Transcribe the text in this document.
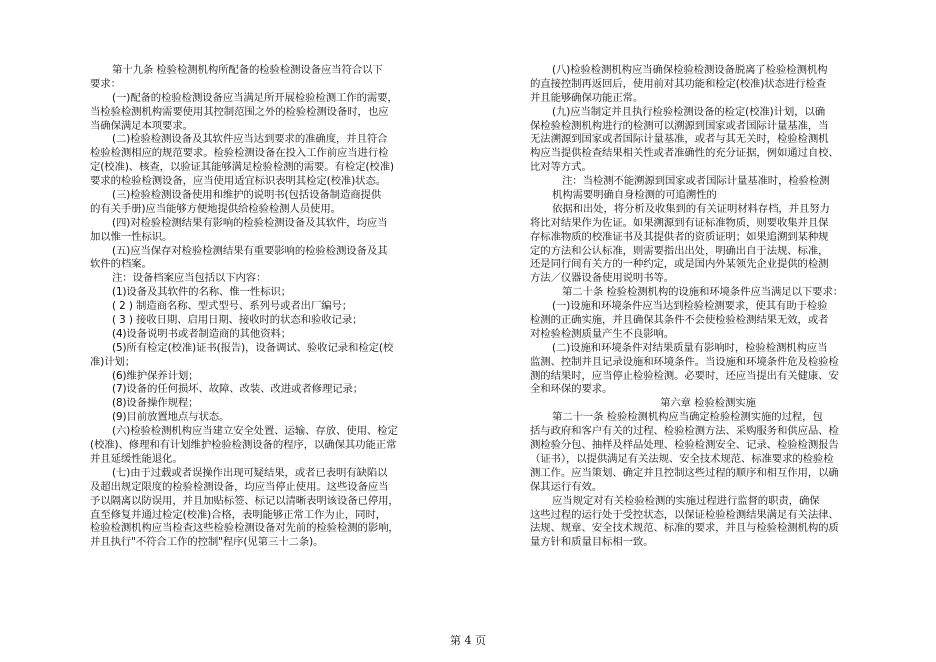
第十九条 检验检测机构所配备的检验检测设备应当符合以下
要求：
(一)配备的检验检测设备应当满足所开展检验检测工作的需要，
当检验检测机构需要使用其控制范围之外的检验检测设备时，也应
当确保满足本项要求。
(二)检验检测设备及其软件应当达到要求的准确度，并且符合
检验检测相应的规范要求。检验检测设备在投入工作前应当进行检
定(校准)、核查，以验证其能够满足检验检测的需要。有检定(校准)
要求的检验检测设备，应当使用适宜标识表明其检定(校准)状态。
(三)检验检测设备使用和维护的说明书(包括设备制造商提供
的有关手册)应当能够方便地提供给检验检测人员使用。
(四)对检验检测结果有影响的检验检测设备及其软件，均应当
加以惟一性标识。
(五)应当保存对检验检测结果有重要影响的检验检测设备及其
软件的档案。
注：设备档案应当包括以下内容：
(1)设备及其软件的名称、惟一性标识；
( 2 ) 制造商名称、型式型号、系列号或者出厂编号；
( 3 ) 接收日期、启用日期、接收时的状态和验收记录；
(4)设备说明书或者制造商的其他资料；
(5)所有检定(校准)证书(报告)，设备调试、验收记录和检定(校
准)计划；
(6)维护保养计划；
(7)设备的任何损坏、故障、改装、改进或者修理记录；
(8)设备操作规程；
(9)目前放置地点与状态。
(六)检验检测机构应当建立安全处置、运输、存放、使用、检定
(校准)、修理和有计划维护检验检测设备的程序，以确保其功能正常
并且延缓性能退化。
(七)由于过载或者误操作出现可疑结果，或者已表明有缺陷以
及超出规定限度的检验检测设备，均应当停止使用。这些设备应当
予以隔离以防误用，并且加贴标签、标记以清晰表明该设备已停用，
直至修复并通过检定(校准)合格，表明能够正常工作为止，同时，
检验检测机构应当检查这些检验检测设备对先前的检验检测的影响，
并且执行"不符合工作的控制"程序(见第三十二条)。
(八)检验检测机构应当确保检验检测设备脱离了检验检测机构
的直接控制再返回后，使用前对其功能和检定(校准)状态进行检查
并且能够确保功能正常。
(九)应当制定并且执行检验检测设备的检定(校准)计划，以确
保检验检测机构进行的检测可以溯源到国家或者国际计量基准，当
无法溯源到国家或者国际计量基准，或者与其无关时，检验检测机
构应当提供检查结果相关性或者准确性的充分证据，例如通过自校、
比对等方式。
注：当检测不能溯源到国家或者国际计量基准时，检验检测
机构需要明确自身检测的可追溯性的
依据和出处，将分析及收集到的有关证明材料存档，并且努力
将比对结果作为佐证。如果溯源到有证标准物质，则要收集并且保
存标准物质的校准证书及其提供者的资质证明；如果追溯到某种规
定的方法和公认标准，则需要指出出处，明确出自于法规、标准，
还是同行间有关方的一种约定，或是国内外某领先企业提供的检测
方法／仪器设备使用说明书等。
第二十条 检验检测机构的设施和环境条件应当满足以下要求：
(一)设施和环境条件应当达到检验检测要求，使其有助于检验
检测的正确实施，并且确保其条件不会使检验检测结果无效，或者
对检验检测质量产生不良影响。
(二)设施和环境条件对结果质量有影响时，检验检测机构应当
监测、控制并且记录设施和环境条件。当设施和环境条件危及检验检
测的结果时，应当停止检验检测。必要时，还应当提出有关健康、安
全和环保的要求。
第六章 检验检测实施
第二十一条 检验检测机构应当确定检验检测实施的过程，包
括与政府和客户有关的过程、检验检测方法、采购服务和供应品、检
测检验分包、抽样及样品处理、检验检测安全、记录、检验检测报告
（证书），以提供满足有关法规、安全技术规范、标准要求的检验检
测工作。应当策划、确定并且控制这些过程的顺序和相互作用，以确
保其运行有效。
应当规定对有关检验检测的实施过程进行监督的职责，确保
这些过程的运行处于受控状态，以保证检验检测结果满足有关法律、
法规、规章、安全技术规范、标准的要求，并且与检验检测机构的质
量方针和质量目标相一致。
第 4 页
